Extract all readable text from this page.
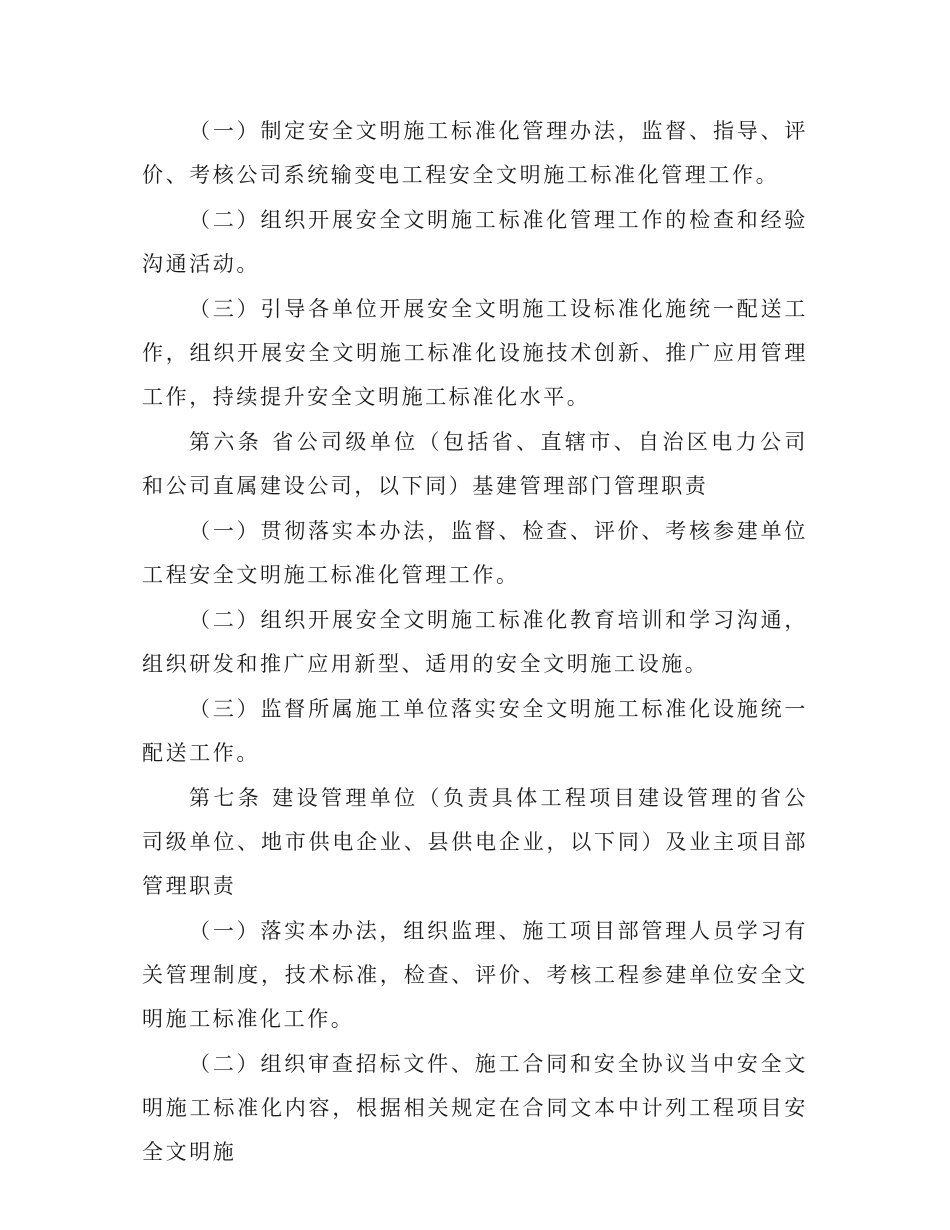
（一）制定安全文明施工标准化管理办法，监督、指导、评价、考核公司系统输变电工程安全文明施工标准化管理工作。

（二）组织开展安全文明施工标准化管理工作的检查和经验沟通活动。

（三）引导各单位开展安全文明施工设标准化施统一配送工作，组织开展安全文明施工标准化设施技术创新、推广应用管理工作，持续提升安全文明施工标准化水平。

第六条 省公司级单位（包括省、直辖市、自治区电力公司和公司直属建设公司，以下同）基建管理部门管理职责

（一）贯彻落实本办法，监督、检查、评价、考核参建单位工程安全文明施工标准化管理工作。

（二）组织开展安全文明施工标准化教育培训和学习沟通，组织研发和推广应用新型、适用的安全文明施工设施。

（三）监督所属施工单位落实安全文明施工标准化设施统一配送工作。

第七条 建设管理单位（负责具体工程项目建设管理的省公司级单位、地市供电企业、县供电企业，以下同）及业主项目部管理职责

（一）落实本办法，组织监理、施工项目部管理人员学习有关管理制度，技术标准，检查、评价、考核工程参建单位安全文明施工标准化工作。

（二）组织审查招标文件、施工合同和安全协议当中安全文明施工标准化内容，根据相关规定在合同文本中计列工程项目安全文明施
